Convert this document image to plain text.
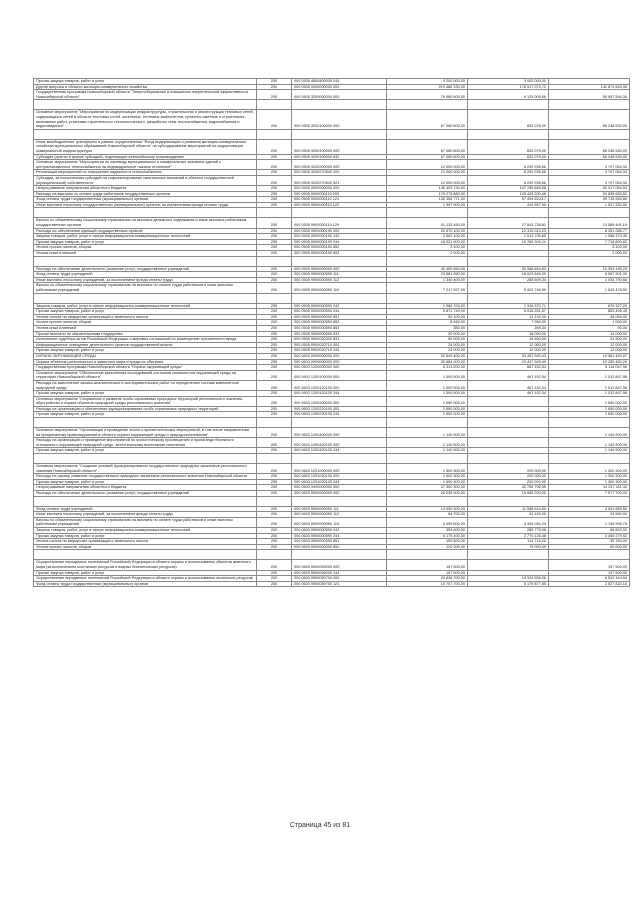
Прочая закупка товаров, работ и услуг	200	000 0505 4800400000 244	3 200 000,00	3 000 000,00	
Другие вопросы в области жилищно-коммунального хозяйства	200	000 0505 0000000000 000	219 486 330,00	176 517 073,72	142 874 649,08
Государственная программа Новосибирской области "Энергосбережение и повышение энергетической эффективности Новосибирской области"	200	000 0505 3200000000 000	79 080 600,00	8 125 005,66	50 957 594,34

Основное мероприятие "Мероприятия по модернизации инфраструктуры, строительство и реконструкция тепловых сетей, содержащихся сетей в области тепловых сетей, котельных, тепловых компонентов, проектно-сметные и строительно-монтажных работ, установки строительного технологического, разработки схем теплоснабжения, водоснабжения и водоотведения"	200	000 0505 3200100000 000	67 080 600,00	832 075,00	66 248 530,00

Иные межбюджетные трансферты в рамках осуществления "Фонд модернизации и развития жилищно-коммунального хозяйства муниципальных образований Новосибирской области" на субсидирование мероприятий по модернизации коммунальной инфраструктуры	200	000 0505 3200100000 000	67 080 600,00	832 075,00	66 248 530,00
Субсидии (гранты в форме субсидий), подлежащие казначейскому сопровождению	200	000 0505 3200100000 632	67 080 600,00	832 075,00	66 248 530,00
Основное мероприятие "Мероприятия по переводу муниципальных и коммунальных значимых зданий с централизованного теплоснабжения на индивидуальное газовое отопление"	200	000 0505 3200200000 000	12 000 000,00	8 292 935,66	3 707 064,34
Реализация мероприятий по повышению надежности теплоснабжения	200	000 0505 3200270840 200	12 000 000,00	8 292 935,66	3 707 064,34
Субсидии, за исключением субсидий на софинансирование капитальных вложений в объекты государственной (муниципальной) собственности	200	000 0505 3200270840 521	12 000 000,00	8 292 935,66	3 707 064,34
Непрограммные направления областного бюджета	200	000 0505 9900000000 000	140 405 730,00	147 785 665,58	92 017 054,94
Расходы на выплаты по оплате труда работников государственных органов	200	000 0505 9900000110 000	179 275 880,00	125 439 200,48	53 835 660,52
Фонд оплаты труда государственных (муниципальных) органов	200	000 0505 9900000110 121	130 308 771,00	97 494 624,17	39 715 945,86
Иные выплаты персоналу государственных (муниципальных) органов, за исключением фонда оплаты труда	200	000 0505 9900000110 122	1 997 900,00	410 557,50	1 527 332,50

Взносы по обязательному социальному страхованию на выплаты денежного содержания и иные выплаты работникам государственных органов	200	000 0505 9900000110 129	41 133 450,00	27 543 738,81	13 589 491,19
Расходы на обеспечение функций государственных органов	200	000 0505 9900000190 000	20 670 100,00	12 319 013,23	8 351 086,77
Закупка товаров, работ, услуг в сфере информационно-коммуникационных технологий	200	000 0505 9900000190 242	2 582 100,00	1 513 705,65	1 068 374,35
Прочая закупка товаров, работ и услуг	200	000 0505 9900000190 244	18 021 900,00	10 765 209,24	7 716 600,82
Уплата прочих налогов, сборов	200	000 0505 9900000190 852	3 100,00		3 100,00
Уплата иных платежей	200	000 0505 9900000190 853	2 000,00		2 000,00

Расходы на обеспечение деятельности (оказание услуг) государственных учреждений	200	000 0505 9900000590 000	40 459 850,00	30 066 654,83	10 393 195,25
Фонд оплаты труда учреждений	200	000 0505 9900000590 111	23 581 550,00	18 023 649,00	5 557 901,00
Иные выплаты персоналу учреждений, за исключением фонда оплаты труда	200	000 0505 9900000590 112	1 340 400,00	285 609,34	1 054 790,66
Взносы по обязательному социальному страхованию на выплаты по оплате труда работников и иные выплаты работникам учреждений	200	000 0505 9900000590 119	7 217 927,95	5 402 746,59	1 815 478,50

Закупка товаров, работ, услуг в сфере информационно-коммуникационных технологий	200	000 0505 9900000590 242	1 986 700,00	1 316 370,71	670 327,29
Прочая закупка товаров, работ и услуг	200	000 0505 9900000590 244	5 871 749,00	5 016 251,67	853 495,49
Уплата налога на имущество организаций и земельного налога	200	000 0505 9900000590 851	50 100,00	11 132,00	48 055,00
Уплата прочих налогов, сборов	200	000 0505 9900000590 852	8 940,00	7 950,00	1 000,00
Уплата иных платежей	200	000 0505 9900000590 853	350,00	259,34	90,34
Прочие выплаты по обязательствам государства	200	000 0505 9900000590 831	30 000,00	16 000,00	14 000,00
Исполнение судебных актов Российской Федерации и мировых соглашений по возмещению причиненного вреда	200	000 0505 9900020300 831	50 000,00	18 600,00	31 900,00
Информационное освещение деятельности органов государственной власти	200	000 0505 9900020710 000	24 000,00	12 000,00	12 000,00
Прочая закупка товаров, работ и услуг	200	000 0505 9900020710 244	24 000,00	12 000,00	12 000,00
ОХРАНА ОКРУЖАЮЩЕЙ СРЕДЫ	200	000 0600 0000000000 000	52 849 400,00	33 487 940,43	19 361 459,57
Охрана объектов растительного и животного мира и среды их обитания	200	000 0603 0000000000 000	32 684 000,00	22 447 549,49	10 285 450,29
Государственная программа Новосибирской области "Охрана окружающей среды"	200	000 0603 1200000000 000	6 311 200,00	867 152,54	5 114 047,96
Основное мероприятие "Обеспечение выполнения исследований состояния компонентов окружающей среды на территории Новосибирской области"	200	000 0603 1200100000 000	1 500 000,00	467 152,54	1 012 847,96
Расходы на выполнение химико-аналитических и исследовательских работ по определению состава компонентов природной среды	200	000 0603 1200120100 000	1 500 000,00	467 152,04	1 012 847,96
Прочая закупка товаров, работ и услуг	200	000 0603 1200120100 244	1 500 000,00	467 152,04	1 012 847,96
Основное мероприятие "Сохранение и развитие особо охраняемых природных территорий регионального значения, обустройство и охрана объектов природной среды регионального значения"	200	000 0603 1200200000 000	1 650 000,00		1 650 000,00
Расходы на организацию и обеспечение функционирования особо охраняемых природных территорий	200	000 0603 1200220100 000	1 650 000,00		1 650 000,00
Прочая закупка товаров, работ и услуг	200	000 0603 1200220100 244	1 650 000,00		1 650 000,00

Основное мероприятие "Организация и проведение эколого-просветительских мероприятий, в том числе направленных на профилактику правонарушений в области охраны окружающей среды и природопользования"	200	000 0603 1200400000 000	1 140 900,00		1 140 900,00
Расходы на организацию и проведение мероприятий по экологическому просвещению и пропаганде бережного отношения к окружающей природной среде, экологическому воспитанию населения	200	000 0603 1200420100 000	1 140 900,00		1 140 900,00
Прочая закупка товаров, работ и услуг	200	000 0603 1200420100 244	1 140 900,00		1 140 900,00

Основное мероприятие "Создание условий функционирования государственных природных заказников регионального значения Новосибирской области"	200	000 0603 1201000000 000	1 500 300,00	200 000,00	1 300 300,00
Расходы на охрану, развитие государственных природных заказников регионального значения Новосибирской области	200	000 0603 1201020100 000	1 500 300,00	200 000,00	1 300 300,00
Прочая закупка товаров, работ и услуг	200	000 0603 1201020100 244	1 500 300,00	200 000,00	1 300 300,00
Непрограммные направления областного бюджета	200	000 0603 9900000000 000	47 350 300,00	32 756 796,35	14 247 411,42
Расходы на обеспечение деятельности (оказание услуг) государственных учреждений	200	000 0603 9900000590 000	26 235 900,00	16 658 200,00	7 577 700,00

Фонд оплаты труда учреждений	200	000 0603 9900000590 111	14 990 300,00	11 588 614,50	3 041 685,50
Иные выплаты персоналу учреждений, за исключением фонда оплаты труда	200	000 0603 9900000590 112	64 700,00	31 140,00	33 560,00
Взносы по обязательному социальному страхованию на выплаты по оплате труда работников и иные выплаты работникам учреждений	200	000 0603 9900000590 119	4 499 600,00	3 334 054,24	1 145 995,76
Закупка товаров, работ, услуг в сфере информационно-коммуникационных технологий	200	000 0603 9900000590 242	354 600,00	285 775,08	68 824,92
Прочая закупка товаров, работ и услуг	200	000 0603 9900000590 244	6 175 400,00	2 770 126,48	3 405 279,52
Уплата налога на имущество организаций и земельного налога	200	000 0603 9900000590 851	150 500,00	114 716,00	35 784,00
Уплата прочих налогов, сборов	200	000 0603 9900000590 852	120 000,00	75 000,00	50 000,00

Осуществление переданных полномочий Российской Федерации в области охраны и использования объектов животного мира (за исключением охотничьих ресурсов и водных биологических ресурсов)	200	000 0603 9900059200 000	157 500,00		157 500,00
Прочая закупка товаров, работ и услуг	200	000 0603 9900059200 244	157 500,00		157 500,00
Осуществление переданных полномочий Российской Федерации в области охраны и использования охотничьих ресурсов	200	000 0603 9900059700 000	20 846 700,00	14 134 556,06	6 512 144,94
Фонд оплаты труда государственных (муниципальных) органов	200	000 0603 9900059700 121	10 707 700,00	8 179 877,85	2 527 822,15
Страница 45 из 81
